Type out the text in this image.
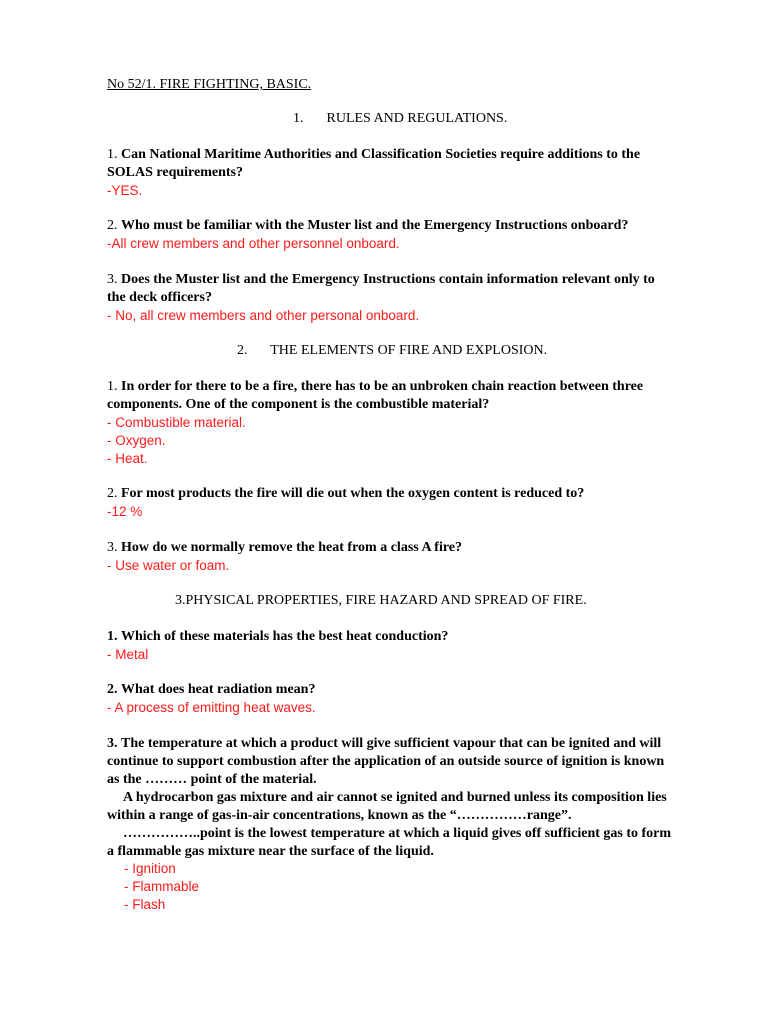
No 52/1. FIRE FIGHTING, BASIC.
1. RULES AND REGULATIONS.
1. Can National Maritime Authorities and Classification Societies require additions to the
SOLAS requirements?
-YES.
2. Who must be familiar with the Muster list and the Emergency Instructions onboard?
-All crew members and other personnel onboard.
3. Does the Muster list and the Emergency Instructions contain information relevant only to
the deck officers?
- No, all crew members and other personal onboard.
2. THE ELEMENTS OF FIRE AND EXPLOSION.
1. In order for there to be a fire, there has to be an unbroken chain reaction between three
components. One of the component is the combustible material?
- Combustible material.
- Oxygen.
- Heat.
2. For most products the fire will die out when the oxygen content is reduced to?
-12 %
3. How do we normally remove the heat from a class A fire?
- Use water or foam.
3.PHYSICAL PROPERTIES, FIRE HAZARD AND SPREAD OF FIRE.
1. Which of these materials has the best heat conduction?
- Metal
2. What does heat radiation mean?
- A process of emitting heat waves.
3. The temperature at which a product will give sufficient vapour that can be ignited and will
continue to support combustion after the application of an outside source of ignition is known
as the ……… point of the material.
A hydrocarbon gas mixture and air cannot se ignited and burned unless its composition lies
within a range of gas-in-air concentrations, known as the “……………range”.
……………..point is the lowest temperature at which a liquid gives off sufficient gas to form
a flammable gas mixture near the surface of the liquid.
- Ignition
- Flammable
- Flash
